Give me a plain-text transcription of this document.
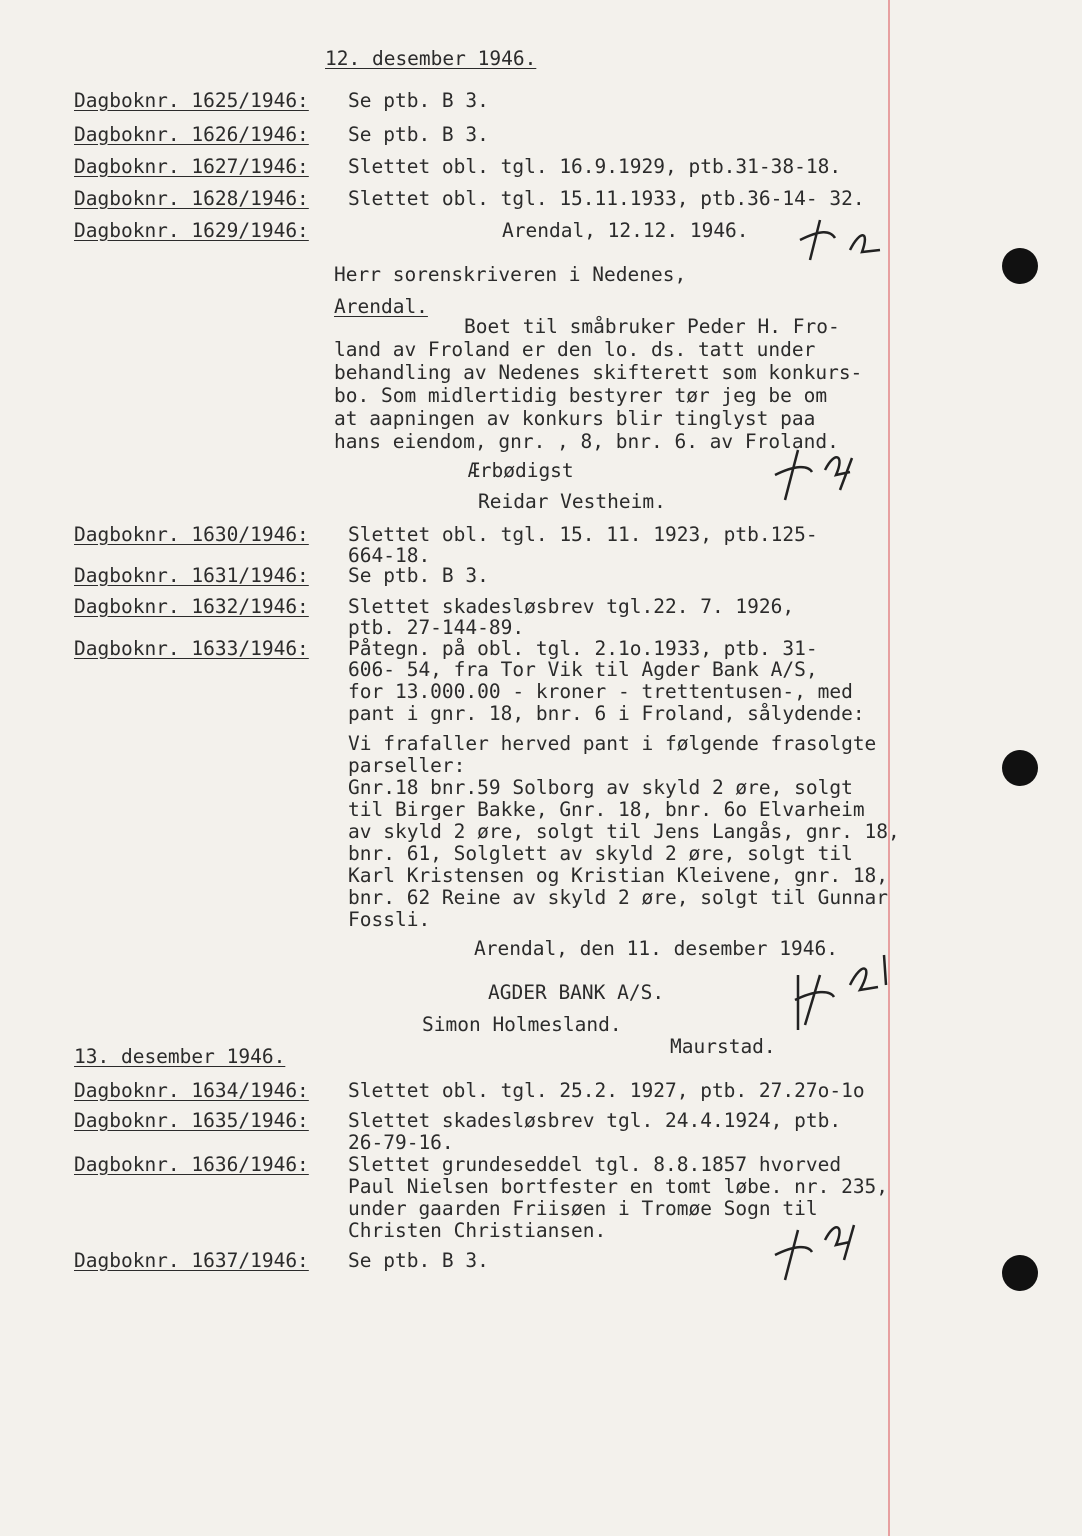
12. desember 1946.
Dagboknr. 1625/1946: Se ptb. B 3.
Dagboknr. 1626/1946: Se ptb. B 3.
Dagboknr. 1627/1946: Slettet obl. tgl. 16.9.1929, ptb.31-38-18.
Dagboknr. 1628/1946: Slettet obl. tgl. 15.11.1933, ptb.36-14- 32.
Dagboknr. 1629/1946:	Arendal, 12.12. 1946.
Herr sorenskriveren i Nedenes,
Arendal.
Boet til småbruker Peder H. Fro-
land av Froland er den lo. ds. tatt under
behandling av Nedenes skifterett som konkurs-
bo. Som midlertidig bestyrer tør jeg be om
at aapningen av konkurs blir tinglyst paa
hans eiendom, gnr. , 8, bnr. 6. av Froland.
Ærbødigst
Reidar Vestheim.
Dagboknr. 1630/1946: Slettet obl. tgl. 15. 11. 1923, ptb.125-
664-18.
Dagboknr. 1631/1946: Se ptb. B 3.
Dagboknr. 1632/1946: Slettet skadesløsbrev tgl.22. 7. 1926,
ptb. 27-144-89.
Dagboknr. 1633/1946: Påtegn. på obl. tgl. 2.1o.1933, ptb. 31-
606- 54, fra Tor Vik til Agder Bank A/S,
for 13.000.00 - kroner - trettentusen-, med
pant i gnr. 18, bnr. 6 i Froland, sålydende:
Vi frafaller herved pant i følgende frasolgte
parseller:
Gnr.18 bnr.59 Solborg av skyld 2 øre, solgt
til Birger Bakke, Gnr. 18, bnr. 6o Elvarheim
av skyld 2 øre, solgt til Jens Langås, gnr. 18,
bnr. 61, Solglett av skyld 2 øre, solgt til
Karl Kristensen og Kristian Kleivene, gnr. 18,
bnr. 62 Reine av skyld 2 øre, solgt til Gunnar
Fossli.
Arendal, den 11. desember 1946.
AGDER BANK A/S.
Simon Holmesland.
Maurstad.
13. desember 1946.
Dagboknr. 1634/1946: Slettet obl. tgl. 25.2. 1927, ptb. 27.27o-1o
Dagboknr. 1635/1946: Slettet skadesløsbrev tgl. 24.4.1924, ptb.
26-79-16.
Dagboknr. 1636/1946: Slettet grundeseddel tgl. 8.8.1857 hvorved
Paul Nielsen bortfester en tomt løbe. nr. 235,
under gaarden Friisøen i Tromøe Sogn til
Christen Christiansen.
Dagboknr. 1637/1946: Se ptb. B 3.
